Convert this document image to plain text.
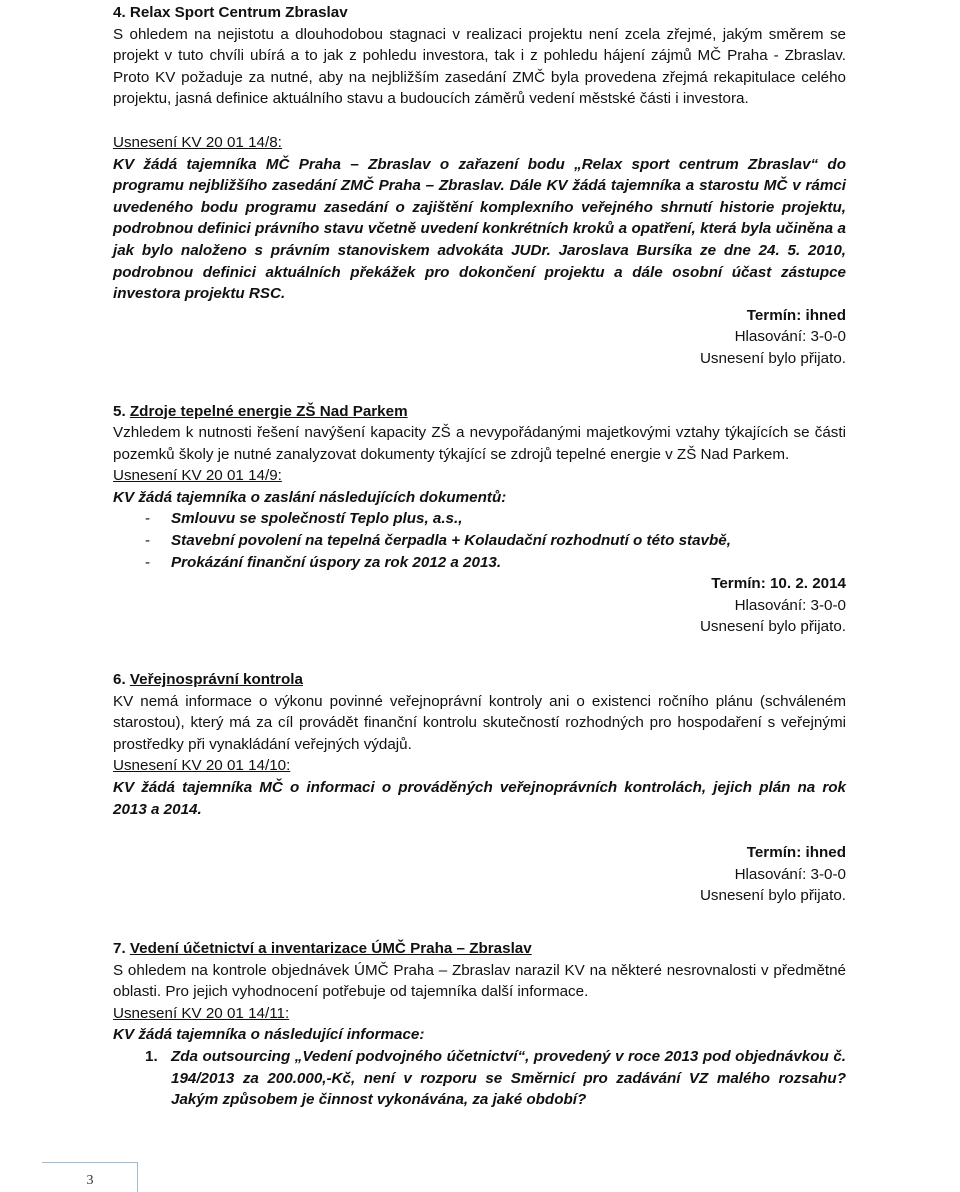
4. Relax Sport Centrum Zbraslav

S ohledem na nejistotu a dlouhodobou stagnaci v realizaci projektu není zcela zřejmé, jakým směrem se projekt v tuto chvíli ubírá a to jak z pohledu investora, tak i z pohledu hájení zájmů MČ Praha - Zbraslav. Proto KV požaduje za nutné, aby na nejbližším zasedání ZMČ byla provedena zřejmá rekapitulace celého projektu, jasná definice aktuálního stavu a budoucích záměrů vedení městské části i investora.

Usnesení KV 20 01 14/8:

KV žádá tajemníka MČ Praha – Zbraslav o zařazení bodu „Relax sport centrum Zbraslav“ do programu nejbližšího zasedání ZMČ Praha – Zbraslav. Dále KV žádá tajemníka a starostu MČ v rámci uvedeného bodu programu zasedání o zajištění komplexního veřejného shrnutí historie projektu, podrobnou definici právního stavu včetně uvedení konkrétních kroků a opatření, která byla učiněna a jak bylo naloženo s právním stanoviskem advokáta JUDr. Jaroslava Bursíka ze dne 24. 5. 2010, podrobnou definici aktuálních překážek pro dokončení projektu a dále osobní účast zástupce investora projektu RSC.

Termín: ihned

Hlasování: 3-0-0

Usnesení bylo přijato.

5. Zdroje tepelné energie ZŠ Nad Parkem

Vzhledem k nutnosti řešení navýšení kapacity ZŠ a nevypořádanými majetkovými vztahy týkajících se části pozemků školy je nutné zanalyzovat dokumenty týkající se zdrojů tepelné energie v ZŠ Nad Parkem.

Usnesení KV 20 01 14/9:

KV žádá tajemníka o zaslání následujících dokumentů:

- Smlouvu se společností Teplo plus, a.s.,
- Stavební povolení na tepelná čerpadla + Kolaudační rozhodnutí o této stavbě,
- Prokázání finanční úspory za rok 2012 a 2013.

Termín: 10. 2. 2014

Hlasování: 3-0-0

Usnesení bylo přijato.

6. Veřejnosprávní kontrola

KV nemá informace o výkonu povinné veřejnoprávní kontroly ani o existenci ročního plánu (schváleném starostou), který má za cíl provádět finanční kontrolu skutečností rozhodných pro hospodaření s veřejnými prostředky při vynakládání veřejných výdajů.

Usnesení KV 20 01 14/10:

KV žádá tajemníka MČ o informaci o prováděných veřejnoprávních kontrolách, jejich plán na rok 2013 a 2014.

Termín: ihned

Hlasování: 3-0-0

Usnesení bylo přijato.

7. Vedení účetnictví a inventarizace ÚMČ Praha – Zbraslav

S ohledem na kontrole objednávek ÚMČ Praha – Zbraslav narazil KV na některé nesrovnalosti v předmětné oblasti. Pro jejich vyhodnocení potřebuje od tajemníka další informace.

Usnesení KV 20 01 14/11:

KV žádá tajemníka o následující informace:

1. Zda outsourcing „Vedení podvojného účetnictví“, provedený v roce 2013 pod objednávkou č. 194/2013 za 200.000,-Kč, není v rozporu se Směrnicí pro zadávání VZ malého rozsahu? Jakým způsobem je činnost vykonávána, za jaké období?
3
